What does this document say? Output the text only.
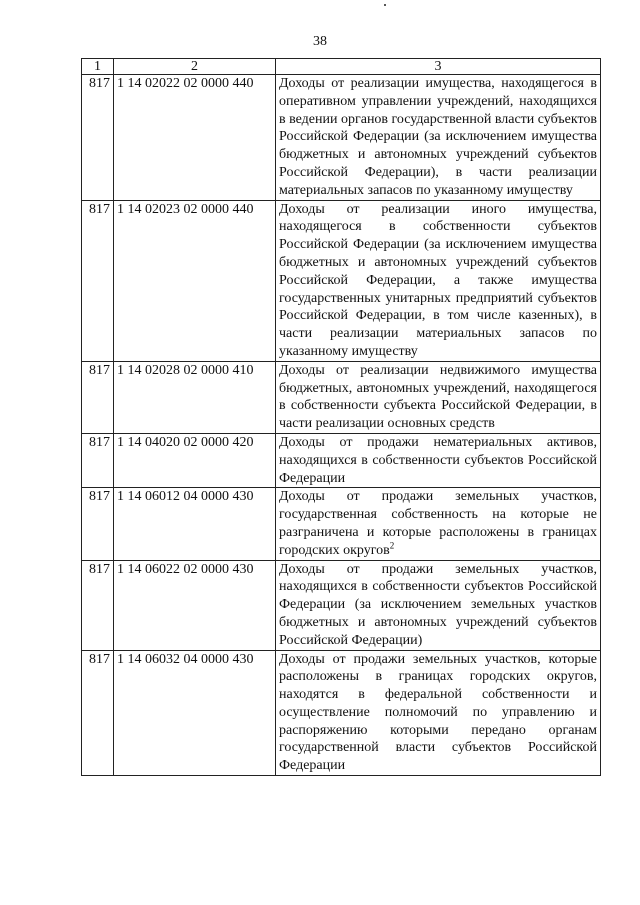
38
1	2	3
817	1 14 02022 02 0000 440	Доходы от реализации имущества, находящегося в оперативном управлении учреждений, находящихся в ведении органов государственной власти субъектов Российской Федерации (за исключением имущества бюджетных и автономных учреждений субъектов Российской Федерации), в части реализации материальных запасов по указанному имуществу
817	1 14 02023 02 0000 440	Доходы от реализации иного имущества, находящегося в собственности субъектов Российской Федерации (за исключением имущества бюджетных и автономных учреждений субъектов Российской Федерации, а также имущества государственных унитарных предприятий субъектов Российской Федерации, в том числе казенных), в части реализации материальных запасов по указанному имуществу
817	1 14 02028 02 0000 410	Доходы от реализации недвижимого имущества бюджетных, автономных учреждений, находящегося в собственности субъекта Российской Федерации, в части реализации основных средств
817	1 14 04020 02 0000 420	Доходы от продажи нематериальных активов, находящихся в собственности субъектов Российской Федерации
817	1 14 06012 04 0000 430	Доходы от продажи земельных участков, государственная собственность на которые не разграничена и которые расположены в границах городских округов$^2$
817	1 14 06022 02 0000 430	Доходы от продажи земельных участков, находящихся в собственности субъектов Российской Федерации (за исключением земельных участков бюджетных и автономных учреждений субъектов Российской Федерации)
817	1 14 06032 04 0000 430	Доходы от продажи земельных участков, которые расположены в границах городских округов, находятся в федеральной собственности и осуществление полномочий по управлению и распоряжению которыми передано органам государственной власти субъектов Российской Федерации
